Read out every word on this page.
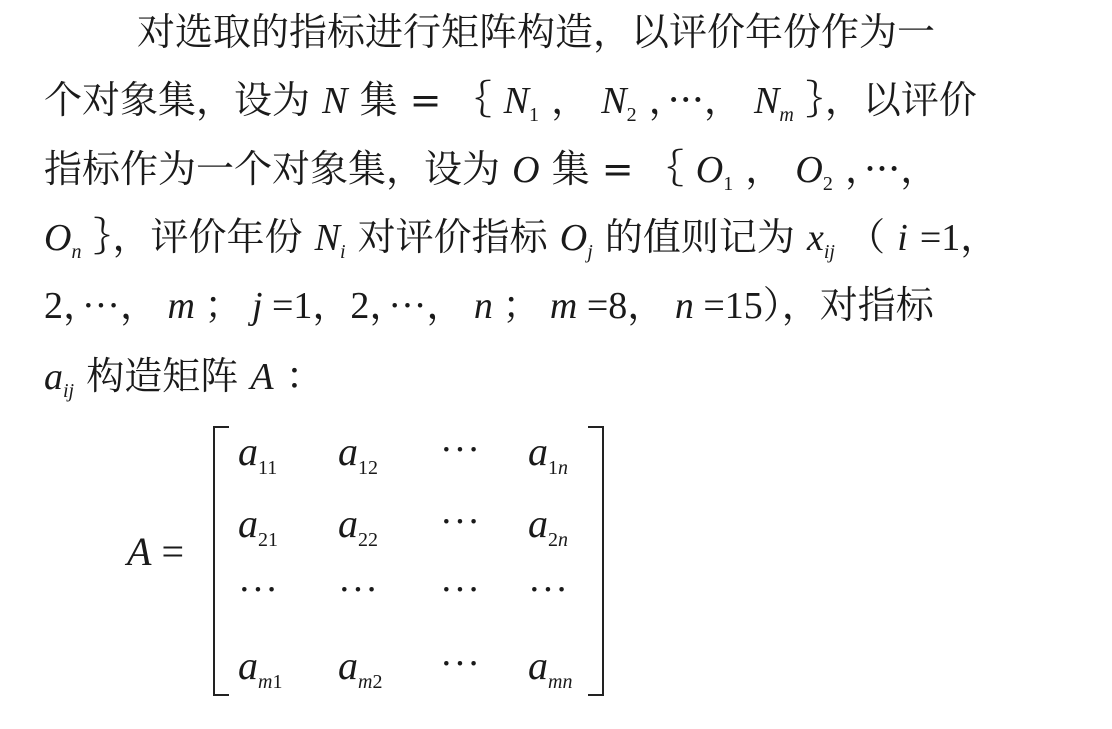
对选取的指标进行矩阵构造，以评价年份作为一
个对象集，设为 N 集 = ｛ $N_1$ ， $N_2$ ，···， $N_m$ ｝，以评价
指标作为一个对象集，设为 O 集 = ｛ $O_1$ ， $O_2$ ，···，
$O_n$ ｝，评价年份 $N_i$ 对评价指标 $O_j$ 的值则记为 $x_{ij}$ （ i =1，
2，···， m ； j =1，2，···， n ； m =8， n =15），对指标
$a_{ij}$ 构造矩阵 A ：
A =
$a_{11}$	$a_{12}$	···	$a_{1n}$
$a_{21}$	$a_{22}$	···	$a_{2n}$
···	···	···	···
$a_{m1}$	$a_{m2}$	···	$a_{mn}$
